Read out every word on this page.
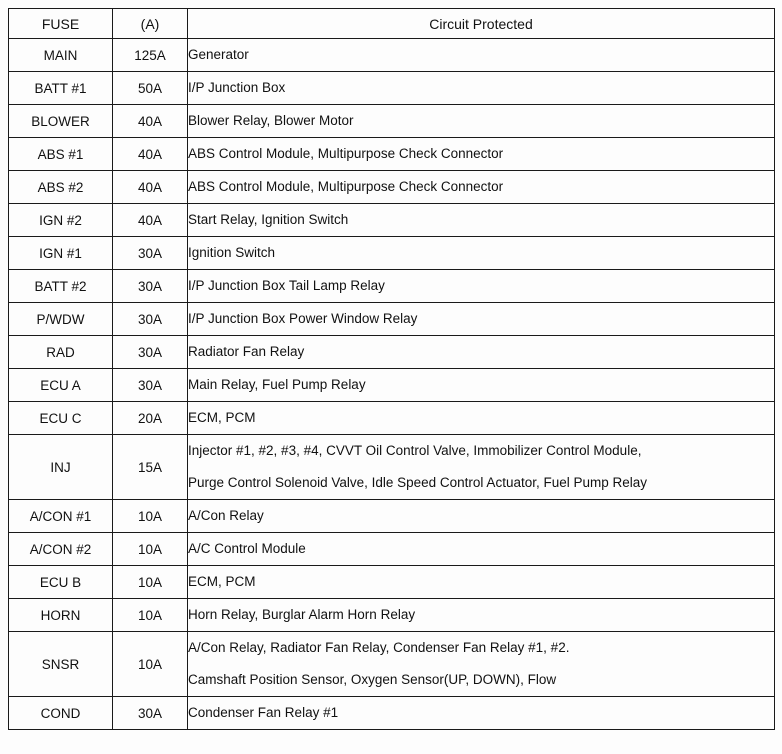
FUSE	(A)	Circuit Protected
MAIN	125A	Generator

BATT #1	50A	I/P Junction Box

BLOWER	40A	Blower Relay, Blower Motor

ABS #1	40A	ABS Control Module, Multipurpose Check Connector

ABS #2	40A	ABS Control Module, Multipurpose Check Connector

IGN #2	40A	Start Relay, Ignition Switch

IGN #1	30A	Ignition Switch

BATT #2	30A	I/P Junction Box Tail Lamp Relay

P/WDW	30A	I/P Junction Box Power Window Relay

RAD	30A	Radiator Fan Relay

ECU A	30A	Main Relay, Fuel Pump Relay

ECU C	20A	ECM, PCM

INJ	15A	Injector #1, #2, #3, #4, CVVT Oil Control Valve, Immobilizer Control Module,
Purge Control Solenoid Valve, Idle Speed Control Actuator, Fuel Pump Relay

A/CON #1	10A	A/Con Relay

A/CON #2	10A	A/C Control Module

ECU B	10A	ECM, PCM

HORN	10A	Horn Relay, Burglar Alarm Horn Relay

SNSR	10A	A/Con Relay, Radiator Fan Relay, Condenser Fan Relay #1, #2.
Camshaft Position Sensor, Oxygen Sensor(UP, DOWN), Flow

COND	30A	Condenser Fan Relay #1
